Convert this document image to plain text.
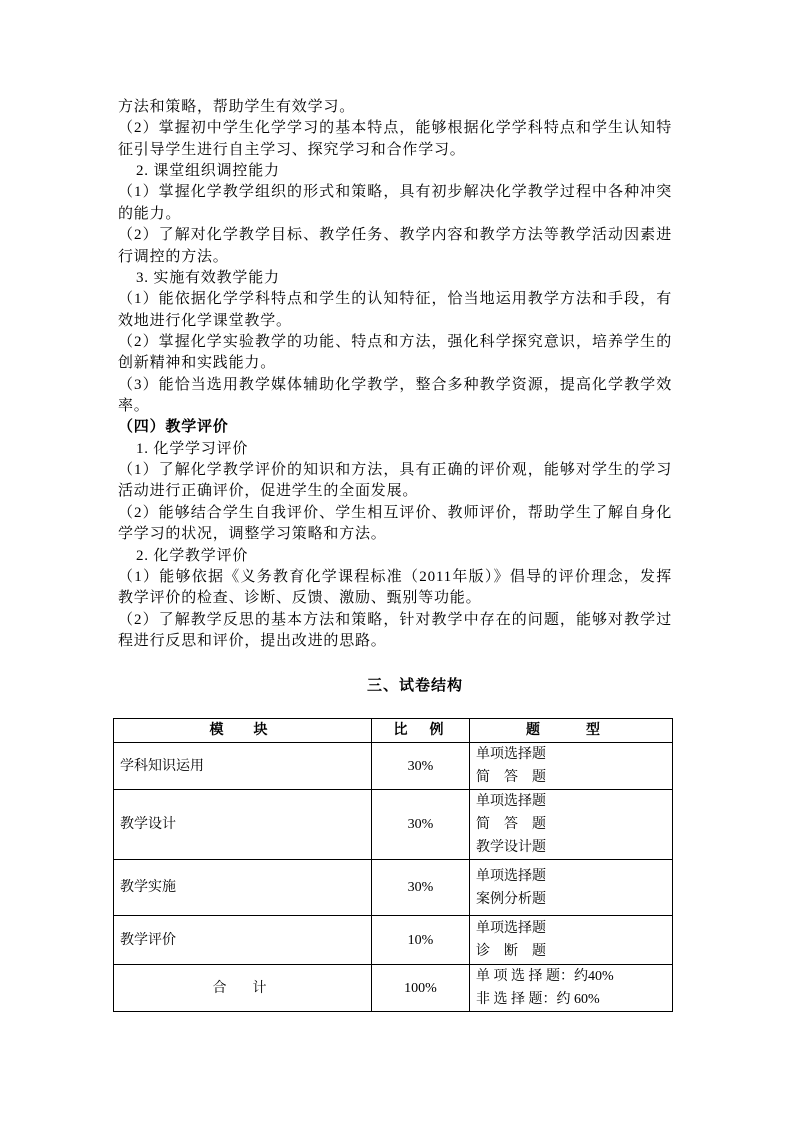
方法和策略，帮助学生有效学习。

（2）掌握初中学生化学学习的基本特点，能够根据化学学科特点和学生认知特征引导学生进行自主学习、探究学习和合作学习。

2. 课堂组织调控能力

（1）掌握化学教学组织的形式和策略，具有初步解决化学教学过程中各种冲突的能力。

（2）了解对化学教学目标、教学任务、教学内容和教学方法等教学活动因素进行调控的方法。

3. 实施有效教学能力

（1）能依据化学学科特点和学生的认知特征，恰当地运用教学方法和手段，有效地进行化学课堂教学。

（2）掌握化学实验教学的功能、特点和方法，强化科学探究意识，培养学生的创新精神和实践能力。

（3）能恰当选用教学媒体辅助化学教学，整合多种教学资源，提高化学教学效率。

（四）教学评价

1. 化学学习评价

（1）了解化学教学评价的知识和方法，具有正确的评价观，能够对学生的学习活动进行正确评价，促进学生的全面发展。

（2）能够结合学生自我评价、学生相互评价、教师评价，帮助学生了解自身化学学习的状况，调整学习策略和方法。

2. 化学教学评价

（1）能够依据《义务教育化学课程标准（2011年版）》倡导的评价理念，发挥教学评价的检查、诊断、反馈、激励、甄别等功能。

（2）了解教学反思的基本方法和策略，针对教学中存在的问题，能够对教学过程进行反思和评价，提出改进的思路。

三、试卷结构
模　块	比　例	题　型
学科知识运用	30%	单项选择题
简　答　题

教学设计	30%	单项选择题
简　答　题
教学设计题

教学实施	30%	单项选择题
案例分析题

教学评价	10%	单项选择题
诊　断　题

合　计	100%	单 项 选 择 题：约40%
非 选 择 题：约 60%
